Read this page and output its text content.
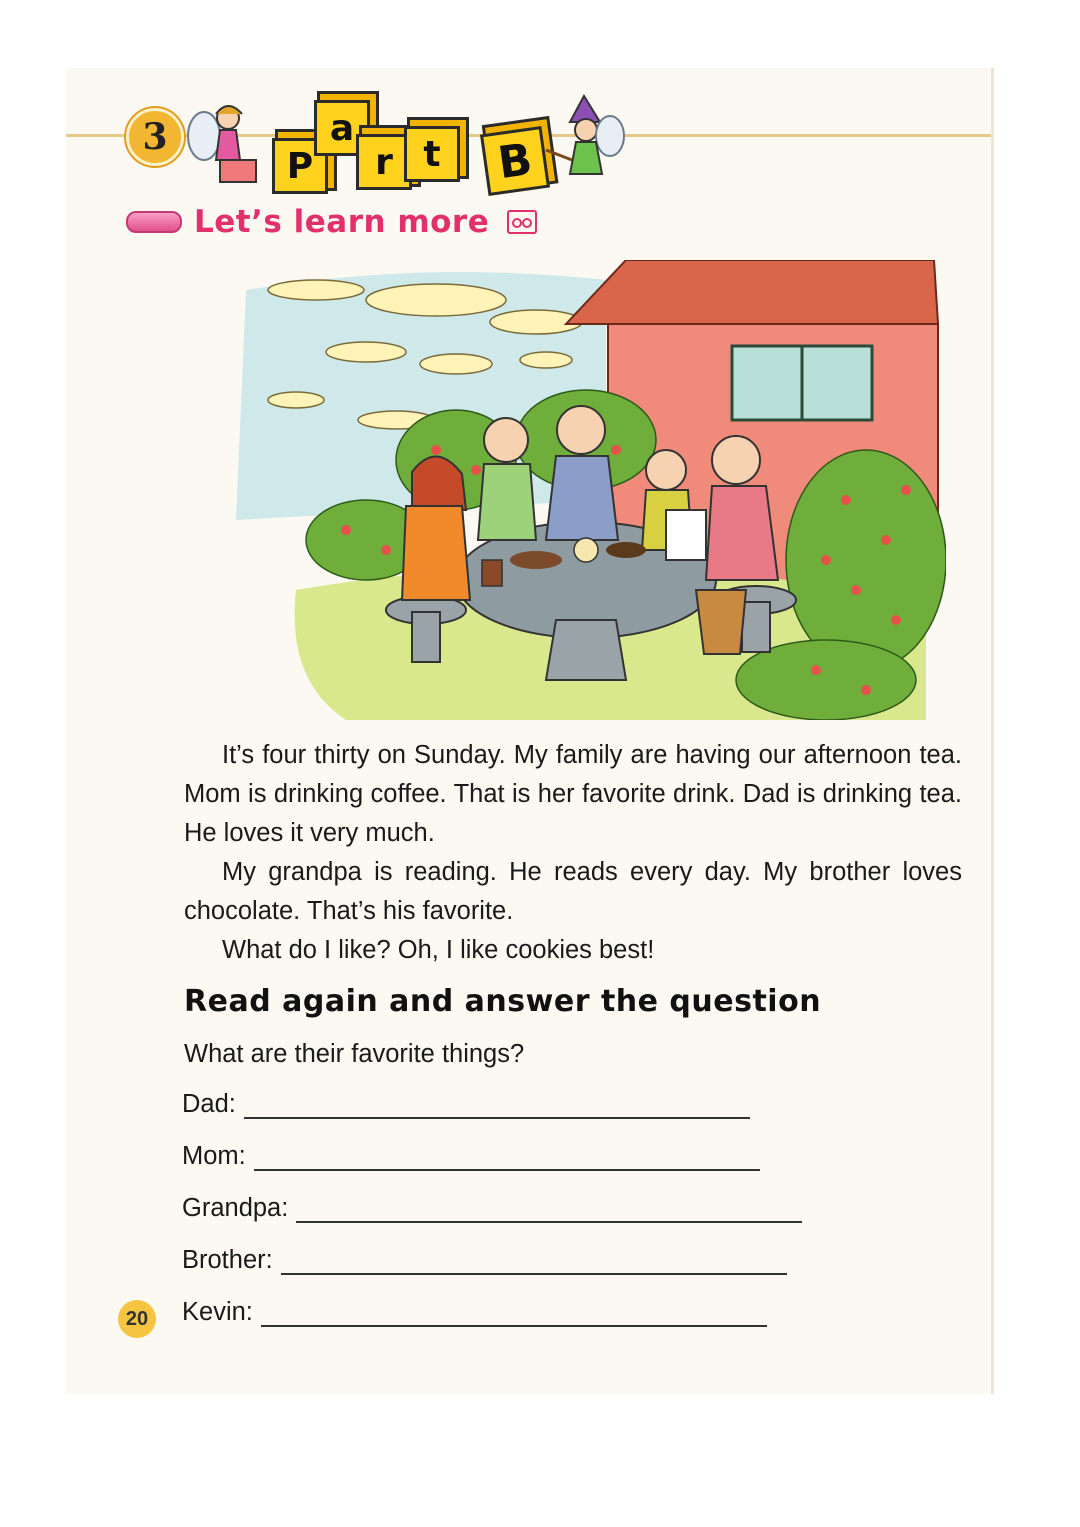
3
P
a
r t	B
Let’s learn more

It’s four thirty on Sunday. My family are having our afternoon tea. Mom is drinking coffee. That is her favorite drink. Dad is drinking tea. He loves it very much.

My grandpa is reading. He reads every day. My brother loves chocolate. That’s his favorite.

What do I like? Oh, I like cookies best!

Read again and answer the question
What are their favorite things?
Dad:
Mom:
Grandpa:
Brother:
Kevin:
20
